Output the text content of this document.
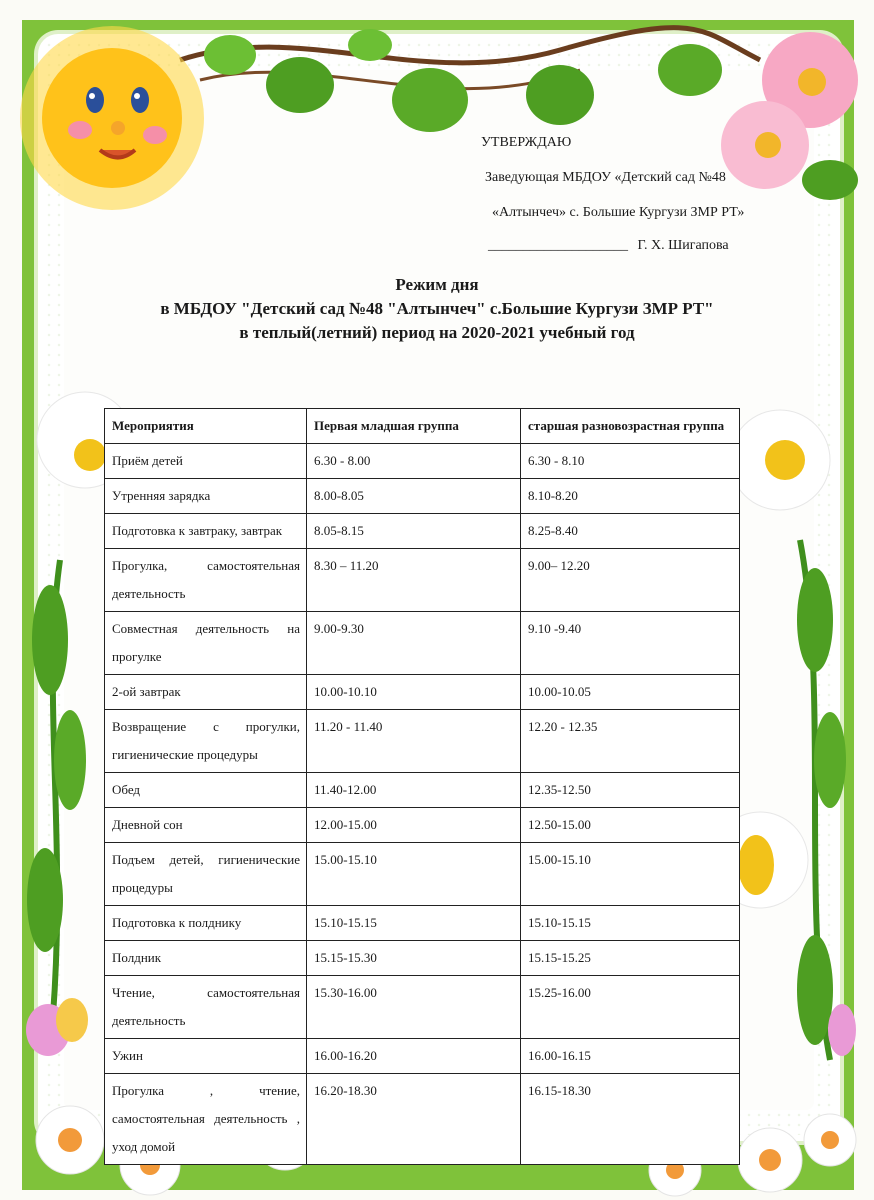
УТВЕРЖДАЮ
Заведующая МБДОУ «Детский сад №48
«Алтынчеч» с. Большие Кургузи ЗМР РТ»
____________________ Г. Х. Шигапова
Режим дня
в МБДОУ "Детский сад №48 "Алтынчеч" с.Большие Кургузи ЗМР РТ"
в теплый(летний) период на 2020-2021 учебный год
Мероприятия	Первая младшая группа	старшая разновозрастная группа
Приём детей	6.30 - 8.00	6.30 - 8.10
Утренняя зарядка	8.00-8.05	8.10-8.20
Подготовка к завтраку, завтрак	8.05-8.15	8.25-8.40
Прогулка, самостоятельная деятельность	8.30 – 11.20	9.00– 12.20
Совместная деятельность на прогулке	9.00-9.30	9.10 -9.40
2-ой завтрак	10.00-10.10	10.00-10.05
Возвращение с прогулки, гигиенические процедуры	11.20 - 11.40	12.20 - 12.35
Обед	11.40-12.00	12.35-12.50
Дневной сон	12.00-15.00	12.50-15.00
Подъем детей, гигиенические процедуры	15.00-15.10	15.00-15.10
Подготовка к полднику	15.10-15.15	15.10-15.15
Полдник	15.15-15.30	15.15-15.25
Чтение, самостоятельная деятельность	15.30-16.00	15.25-16.00
Ужин	16.00-16.20	16.00-16.15
Прогулка , чтение, самостоятельная деятельность , уход домой	16.20-18.30	16.15-18.30
